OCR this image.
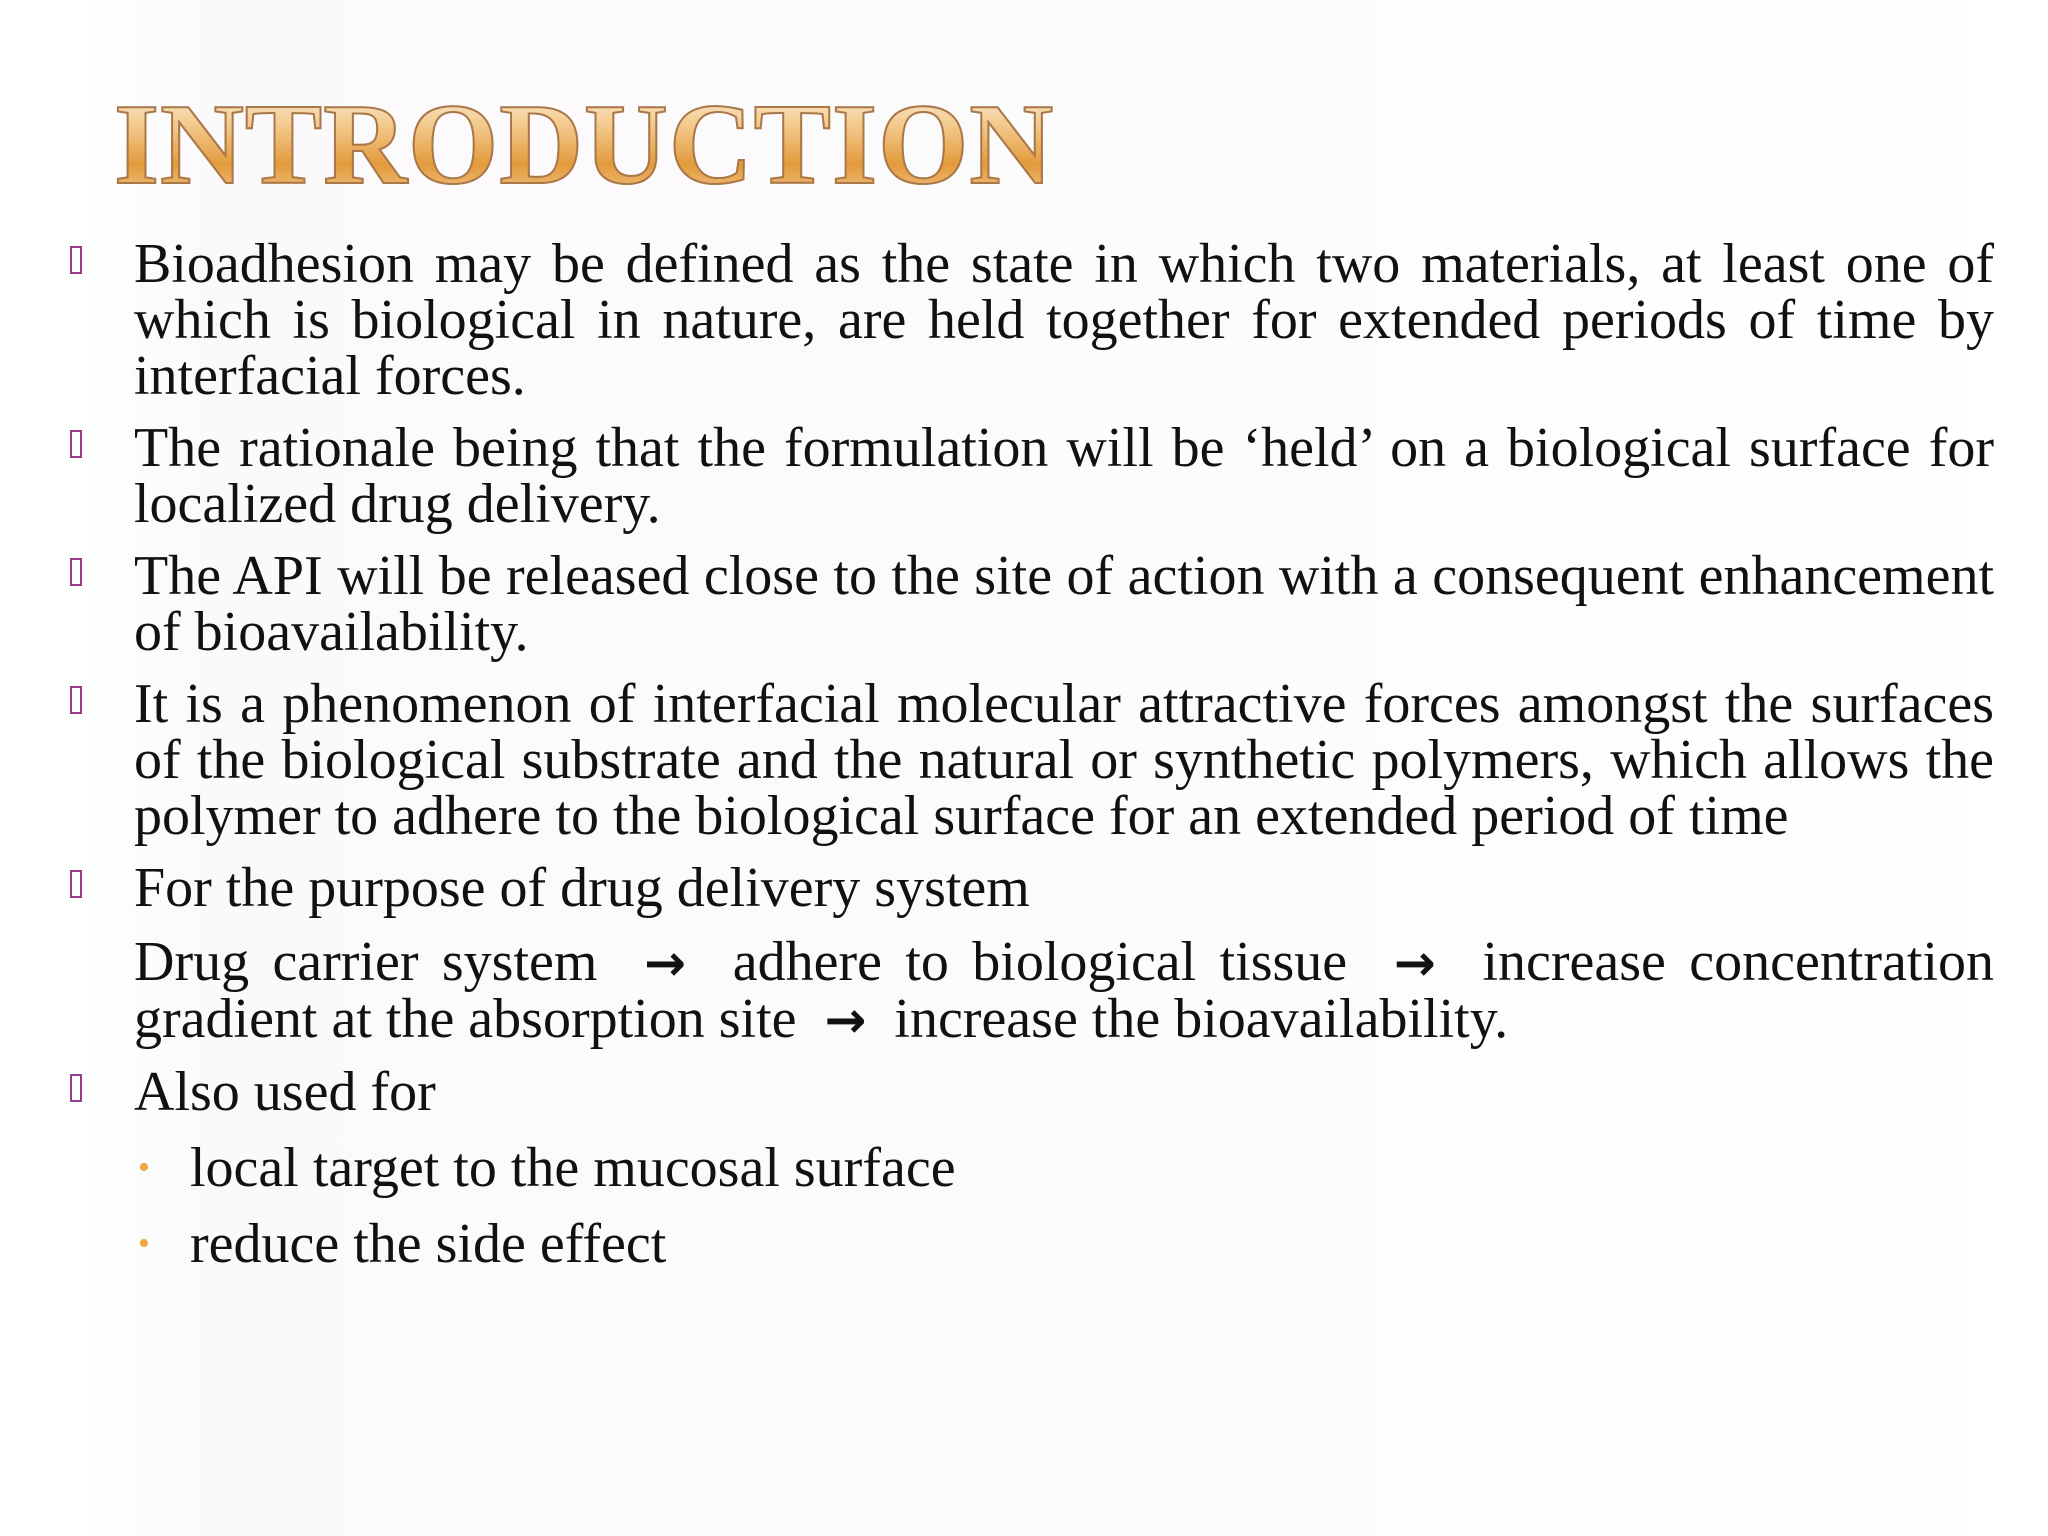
INTRODUCTION
Bioadhesion may be defined as the state in which two materials, at least one of which is biological in nature, are held together for extended periods of time by interfacial forces.
The rationale being that the formulation will be ‘held’ on a biological surface for localized drug delivery.
The API will be released close to the site of action with a consequent enhancement of bioavailability.
It is a phenomenon of interfacial molecular attractive forces amongst the surfaces of the biological substrate and the natural or synthetic polymers, which allows the polymer to adhere to the biological surface for an extended period of time
For the purpose of drug delivery system
Drug carrier system → adhere to biological tissue → increase concentration gradient at the absorption site → increase the bioavailability.
Also used for
• local target to the mucosal surface
• reduce the side effect
